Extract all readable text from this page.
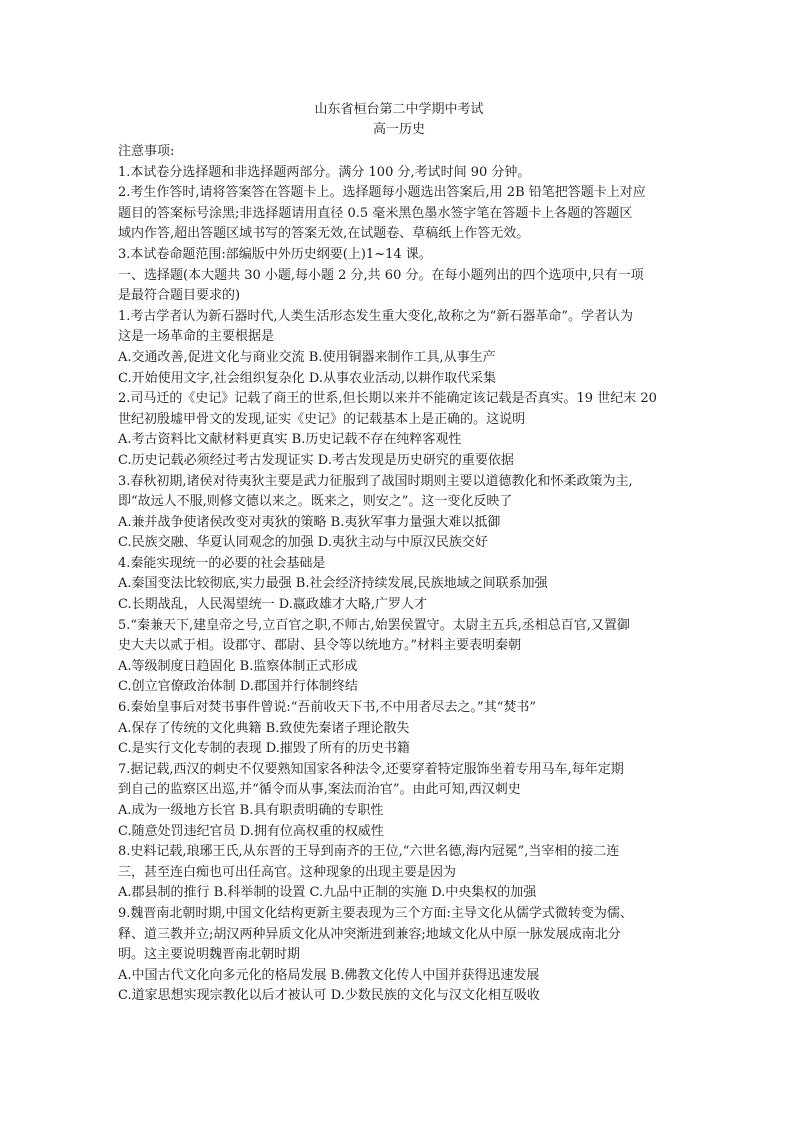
山东省桓台第二中学期中考试

高一历史

注意事项:

1.本试卷分选择题和非选择题两部分。满分 100 分,考试时间 90 分钟。

2.考生作答时,请将答案答在答题卡上。选择题每小题选出答案后,用 2B 铅笔把答题卡上对应

题目的答案标号涂黑;非选择题请用直径 0.5 毫米黑色墨水签字笔在答题卡上各题的答题区

域内作答,超出答题区域书写的答案无效,在试题卷、草稿纸上作答无效。

3.本试卷命题范围:部编版中外历史纲要(上)1~14 课。

一、选择题(本大题共 30 小题,每小题 2 分,共 60 分。在每小题列出的四个选项中,只有一项

是最符合题目要求的)

1.考古学者认为新石器时代,人类生活形态发生重大变化,故称之为“新石器革命”。学者认为

这是一场革命的主要根据是

A.交通改善,促进文化与商业交流 B.使用铜器来制作工具,从事生产

C.开始使用文字,社会组织复杂化 D.从事农业活动,以耕作取代采集

2.司马迁的《史记》记载了商王的世系,但长期以来并不能确定该记载是否真实。19 世纪末 20

世纪初殷墟甲骨文的发现,证实《史记》的记载基本上是正确的。这说明

A.考古资料比文献材料更真实 B.历史记载不存在纯粹客观性

C.历史记载必须经过考古发现证实 D.考古发现是历史研究的重要依据

3.春秋初期,诸侯对待夷狄主要是武力征服到了战国时期则主要以道德教化和怀柔政策为主,

即“故远人不服,则修文德以来之。既来之，则安之”。这一变化反映了

A.兼并战争使诸侯改变对夷狄的策略 B.夷狄军事力量强大难以抵御

C.民族交融、华夏认同观念的加强 D.夷狄主动与中原汉民族交好

4.秦能实现统一的必要的社会基础是

A.秦国变法比较彻底,实力最强 B.社会经济持续发展,民族地域之间联系加强

C.长期战乱，人民渴望统一 D.嬴政雄才大略,广罗人才

5.“秦兼天下,建皇帝之号,立百官之职,不师古,始罢侯置守。太尉主五兵,丞相总百官,又置御

史大夫以贰于相。设郡守、郡尉、县令等以统地方。”材料主要表明秦朝

A.等级制度日趋固化 B.监察体制正式形成

C.创立官僚政治体制 D.郡国并行体制终结

6.秦始皇事后对焚书事件曾说:“吾前收天下书,不中用者尽去之。”其“焚书”

A.保存了传统的文化典籍 B.致使先秦诸子理论散失

C.是实行文化专制的表现 D.摧毁了所有的历史书籍

7.据记载,西汉的刺史不仅要熟知国家各种法令,还要穿着特定服饰坐着专用马车,每年定期

到自己的监察区出巡,并“循令而从事,案法而治官”。由此可知,西汉刺史

A.成为一级地方长官 B.具有职责明确的专职性

C.随意处罚违纪官员 D.拥有位高权重的权威性

8.史料记载,琅琊王氏,从东晋的王导到南齐的王位,“六世名德,海内冠冕”,当宰相的接二连

三，甚至连白痴也可出任高官。这种现象的出现主要是因为

A.郡县制的推行 B.科举制的设置 C.九品中正制的实施 D.中央集权的加强

9.魏晋南北朝时期,中国文化结构更新主要表现为三个方面:主导文化从儒学式微转变为儒、

释、道三教并立;胡汉两种异质文化从冲突渐进到兼容;地域文化从中原一脉发展成南北分

明。这主要说明魏晋南北朝时期

A.中国古代文化向多元化的格局发展 B.佛教文化传人中国并获得迅速发展

C.道家思想实现宗教化以后才被认可 D.少数民族的文化与汉文化相互吸收
